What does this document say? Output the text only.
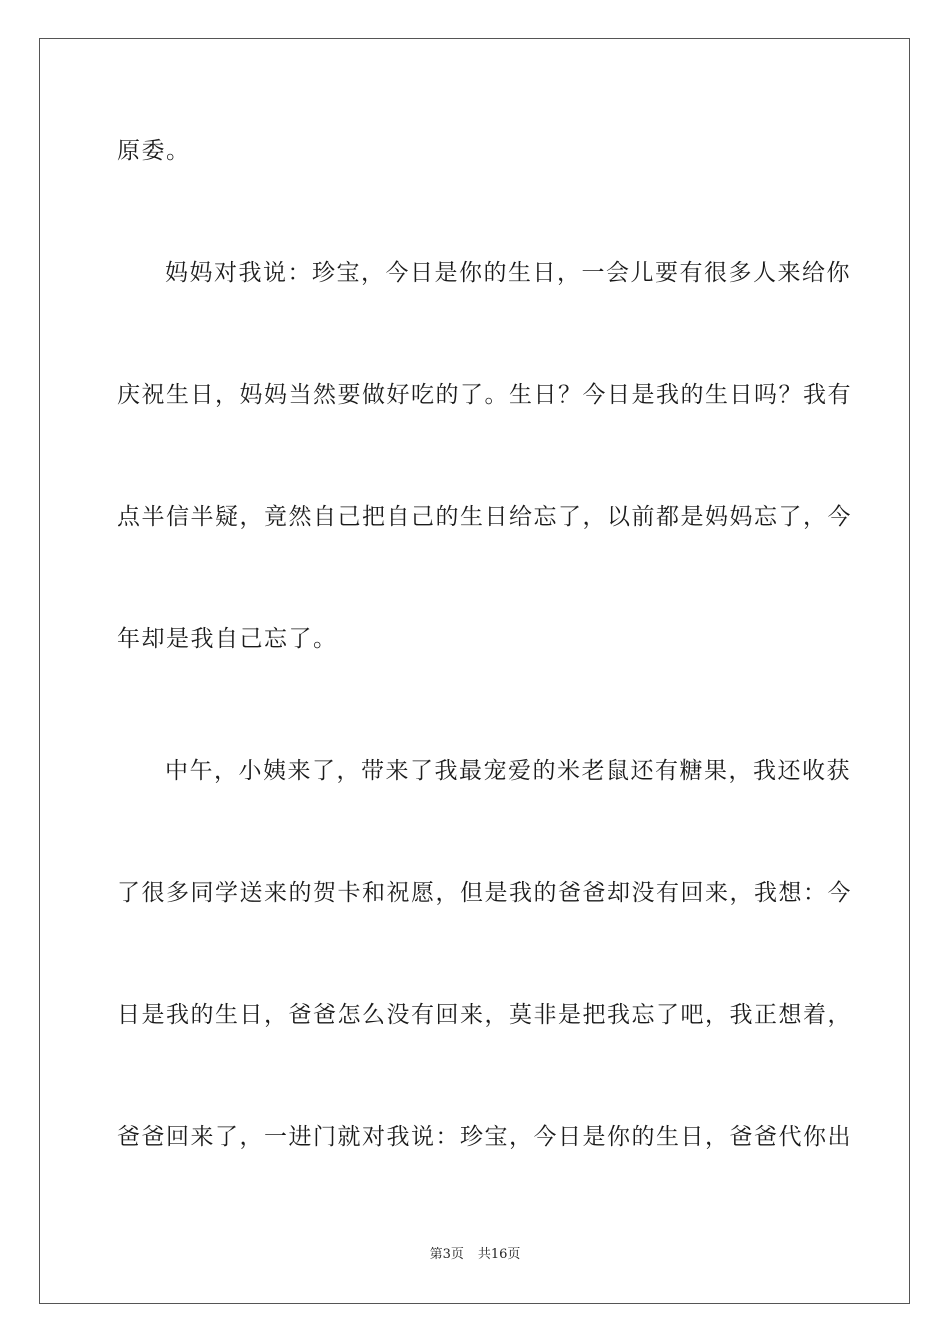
原委。
妈妈对我说：珍宝，今日是你的生日，一会儿要有很多人来给你
庆祝生日，妈妈当然要做好吃的了。生日？今日是我的生日吗？我有
点半信半疑，竟然自己把自己的生日给忘了，以前都是妈妈忘了，今
年却是我自己忘了。
中午，小姨来了，带来了我最宠爱的米老鼠还有糖果，我还收获
了很多同学送来的贺卡和祝愿，但是我的爸爸却没有回来，我想：今
日是我的生日，爸爸怎么没有回来，莫非是把我忘了吧，我正想着，
爸爸回来了，一进门就对我说：珍宝，今日是你的生日，爸爸代你出
第3页 共16页
